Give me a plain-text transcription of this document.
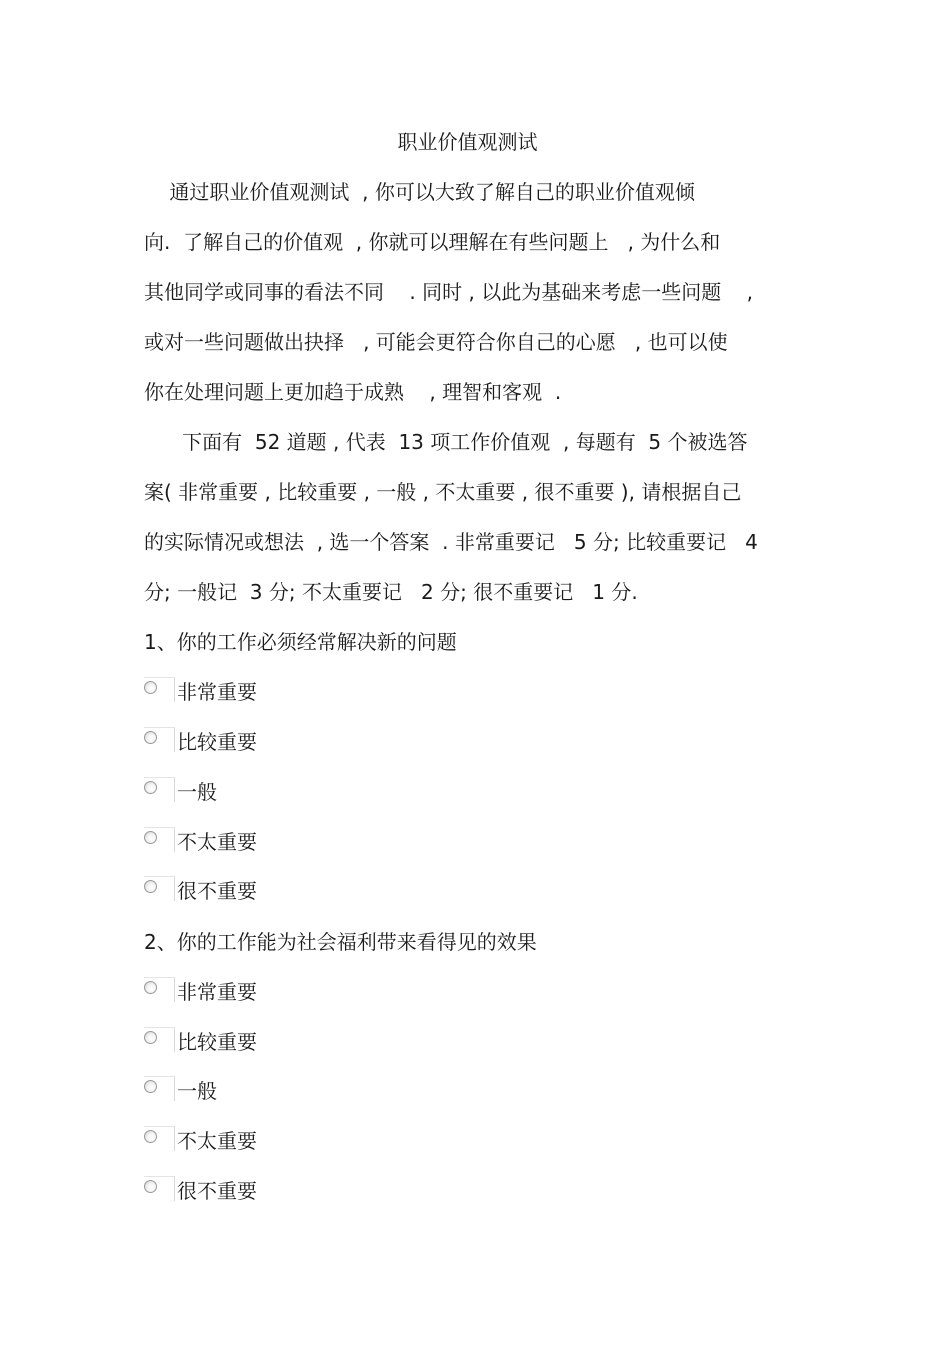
职业价值观测试
通过职业价值观测试  , 你可以大致了解自己的职业价值观倾
向.  了解自己的价值观  , 你就可以理解在有些问题上   , 为什么和
其他同学或同事的看法不同    . 同时 , 以此为基础来考虑一些问题    ,
或对一些问题做出抉择   , 可能会更符合你自己的心愿   , 也可以使
你在处理问题上更加趋于成熟    , 理智和客观  .
下面有  52 道题 , 代表  13 项工作价值观  , 每题有  5 个被选答
案( 非常重要 , 比较重要 , 一般 , 不太重要 , 很不重要 ), 请根据自己
的实际情况或想法  , 选一个答案  . 非常重要记   5 分; 比较重要记   4
分; 一般记  3 分; 不太重要记   2 分; 很不重要记   1 分.
1、你的工作必须经常解决新的问题
非常重要
比较重要
一般
不太重要
很不重要
2、你的工作能为社会福利带来看得见的效果
非常重要
比较重要
一般
不太重要
很不重要
